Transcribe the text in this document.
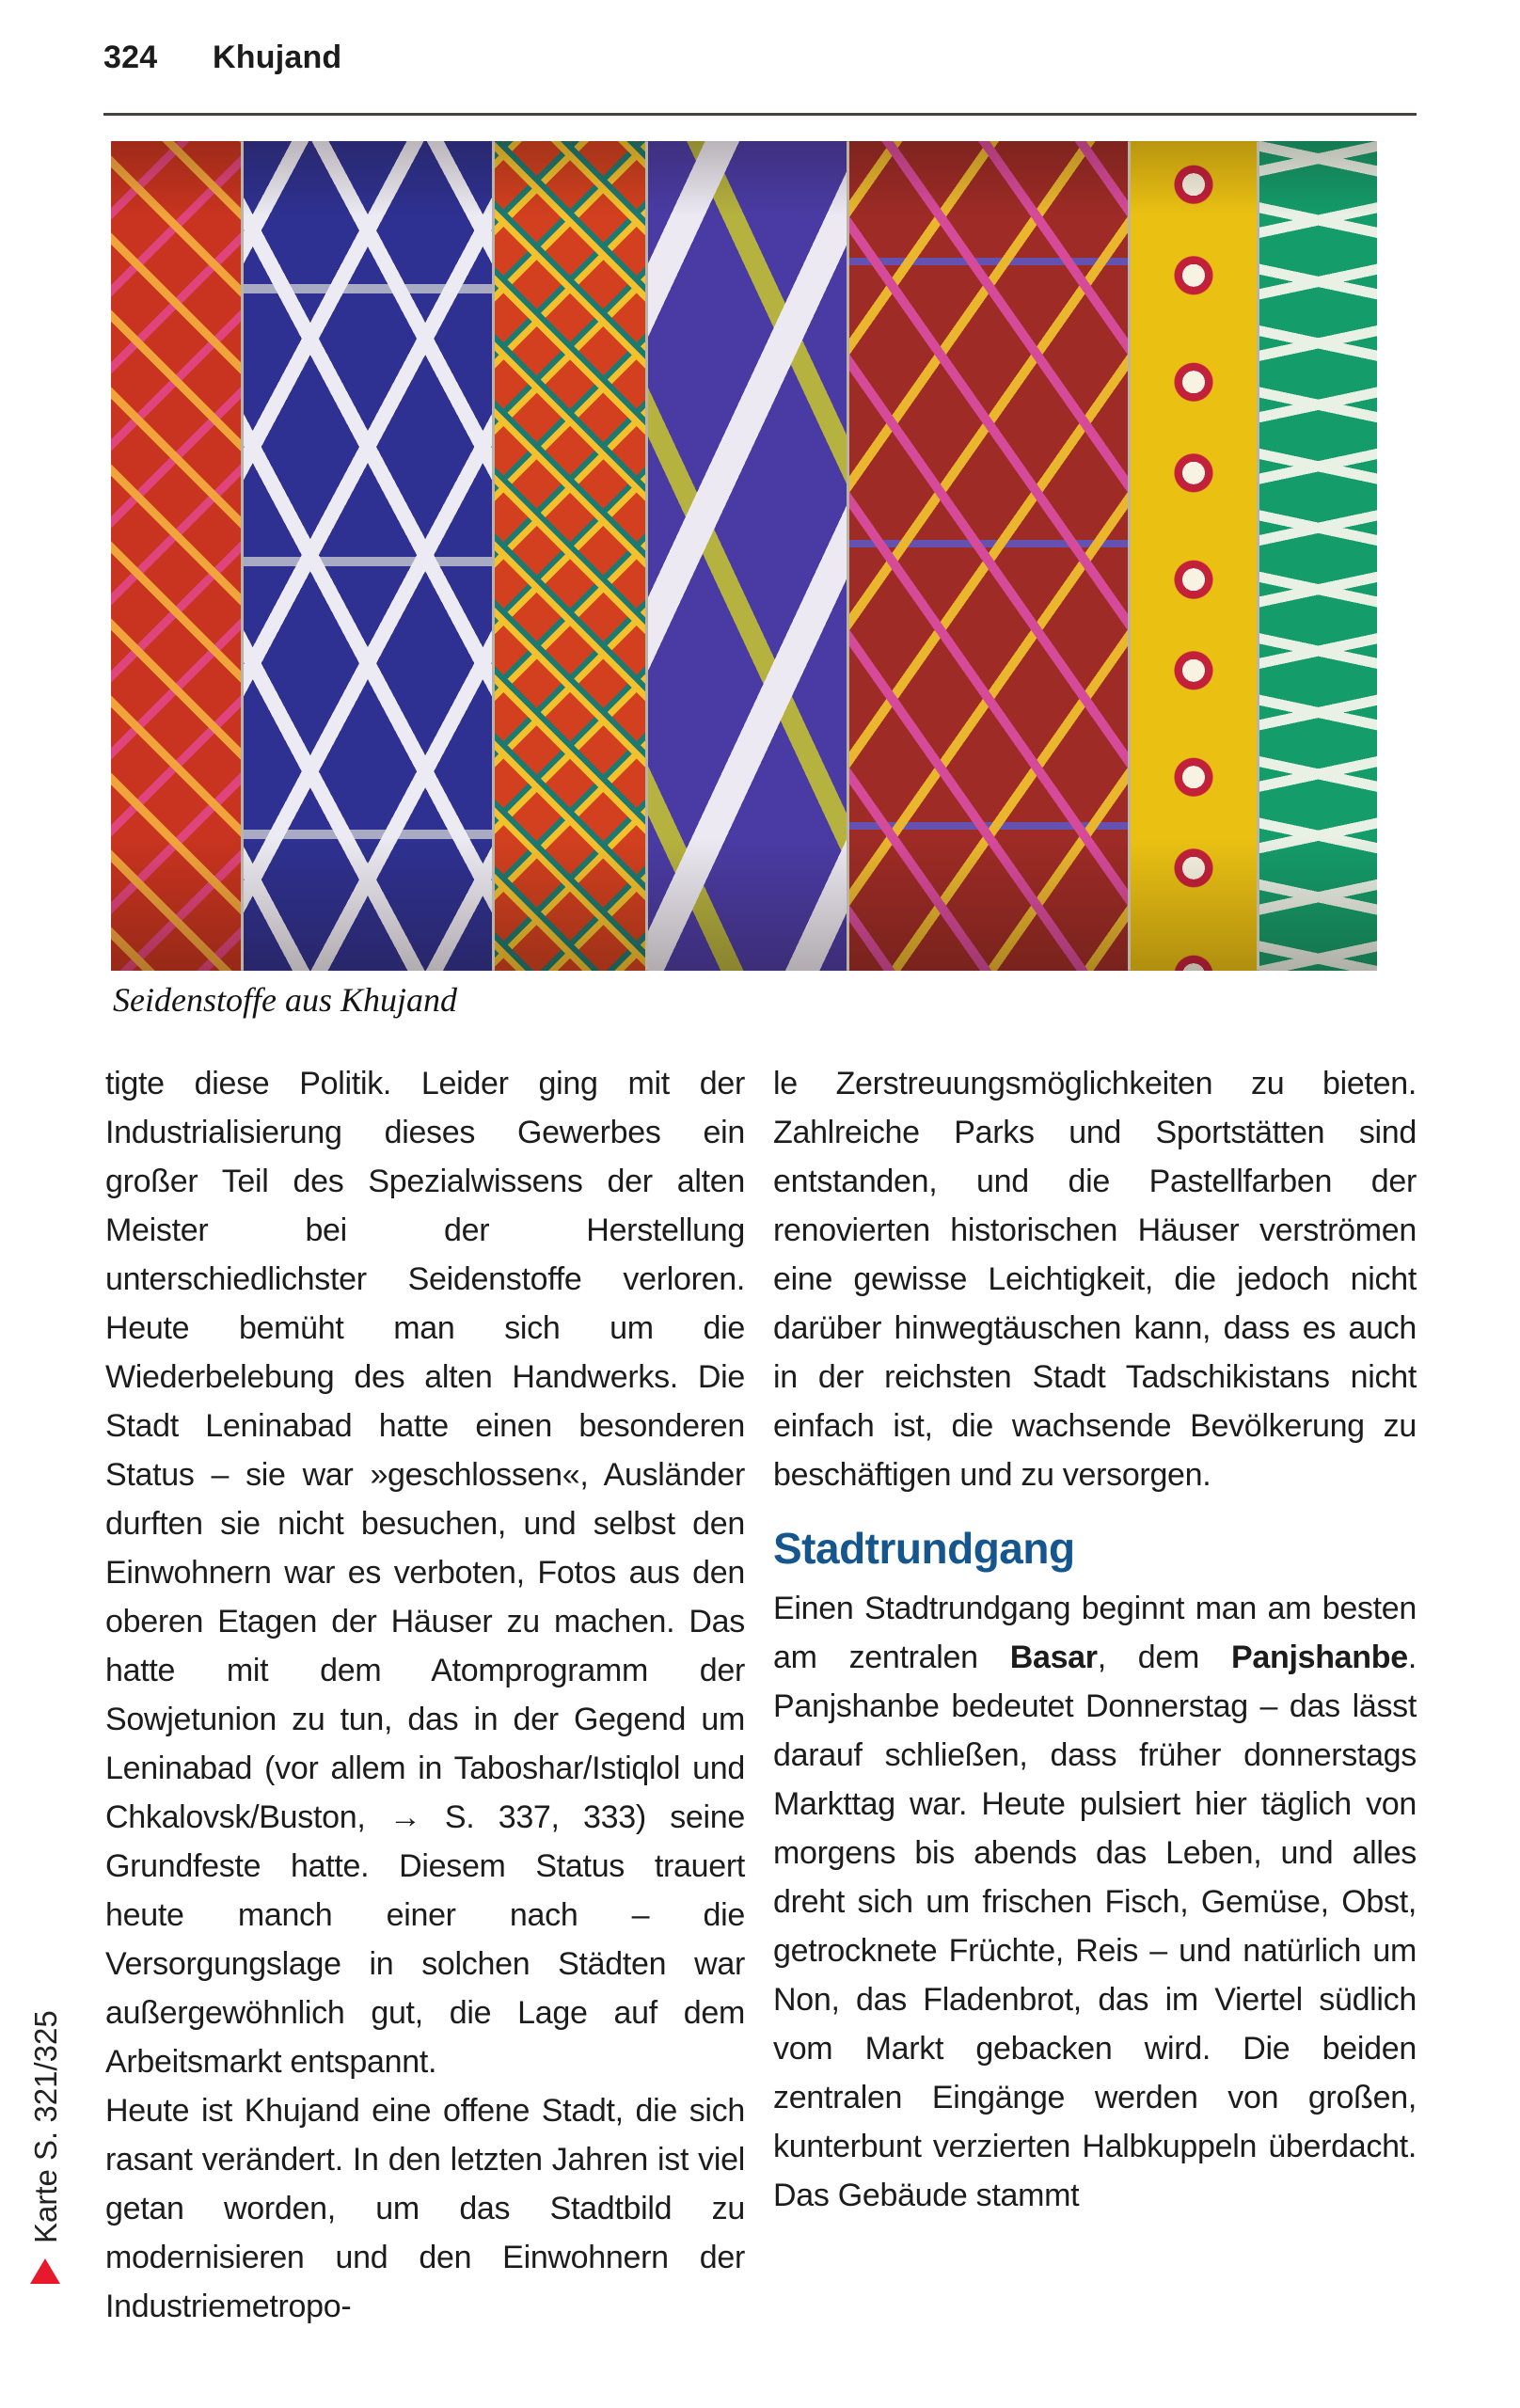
324 Khujand
Seidenstoffe aus Khujand

tigte diese Politik. Leider ging mit der Industrialisierung dieses Gewerbes ein großer Teil des Spezialwissens der alten Meister bei der Herstellung unterschiedlichster Seidenstoffe verloren. Heute bemüht man sich um die Wiederbelebung des alten Handwerks. Die Stadt Leninabad hatte einen besonderen Status – sie war »geschlossen«, Ausländer durften sie nicht besuchen, und selbst den Einwohnern war es verboten, Fotos aus den oberen Etagen der Häuser zu machen. Das hatte mit dem Atomprogramm der Sowjetunion zu tun, das in der Gegend um Leninabad (vor allem in Taboshar/Istiqlol und Chkalovsk/Buston, → S. 337, 333) seine Grundfeste hatte. Diesem Status trauert heute manch einer nach – die Versorgungslage in solchen Städten war außergewöhnlich gut, die Lage auf dem Arbeitsmarkt entspannt.

Heute ist Khujand eine offene Stadt, die sich rasant verändert. In den letzten Jahren ist viel getan worden, um das Stadtbild zu modernisieren und den Einwohnern der Industriemetropo-

le Zerstreuungsmöglichkeiten zu bieten. Zahlreiche Parks und Sportstätten sind entstanden, und die Pastellfarben der renovierten historischen Häuser verströmen eine gewisse Leichtigkeit, die jedoch nicht darüber hinwegtäuschen kann, dass es auch in der reichsten Stadt Tadschikistans nicht einfach ist, die wachsende Bevölkerung zu beschäftigen und zu versorgen.

Stadtrundgang

Einen Stadtrundgang beginnt man am besten am zentralen Basar, dem Panjshanbe. Panjshanbe bedeutet Donnerstag – das lässt darauf schließen, dass früher donnerstags Markttag war. Heute pulsiert hier täglich von morgens bis abends das Leben, und alles dreht sich um frischen Fisch, Gemüse, Obst, getrocknete Früchte, Reis – und natürlich um Non, das Fladenbrot, das im Viertel südlich vom Markt gebacken wird. Die beiden zentralen Eingänge werden von großen, kunterbunt verzierten Halbkuppeln überdacht. Das Gebäude stammt

Karte S. 321/325
